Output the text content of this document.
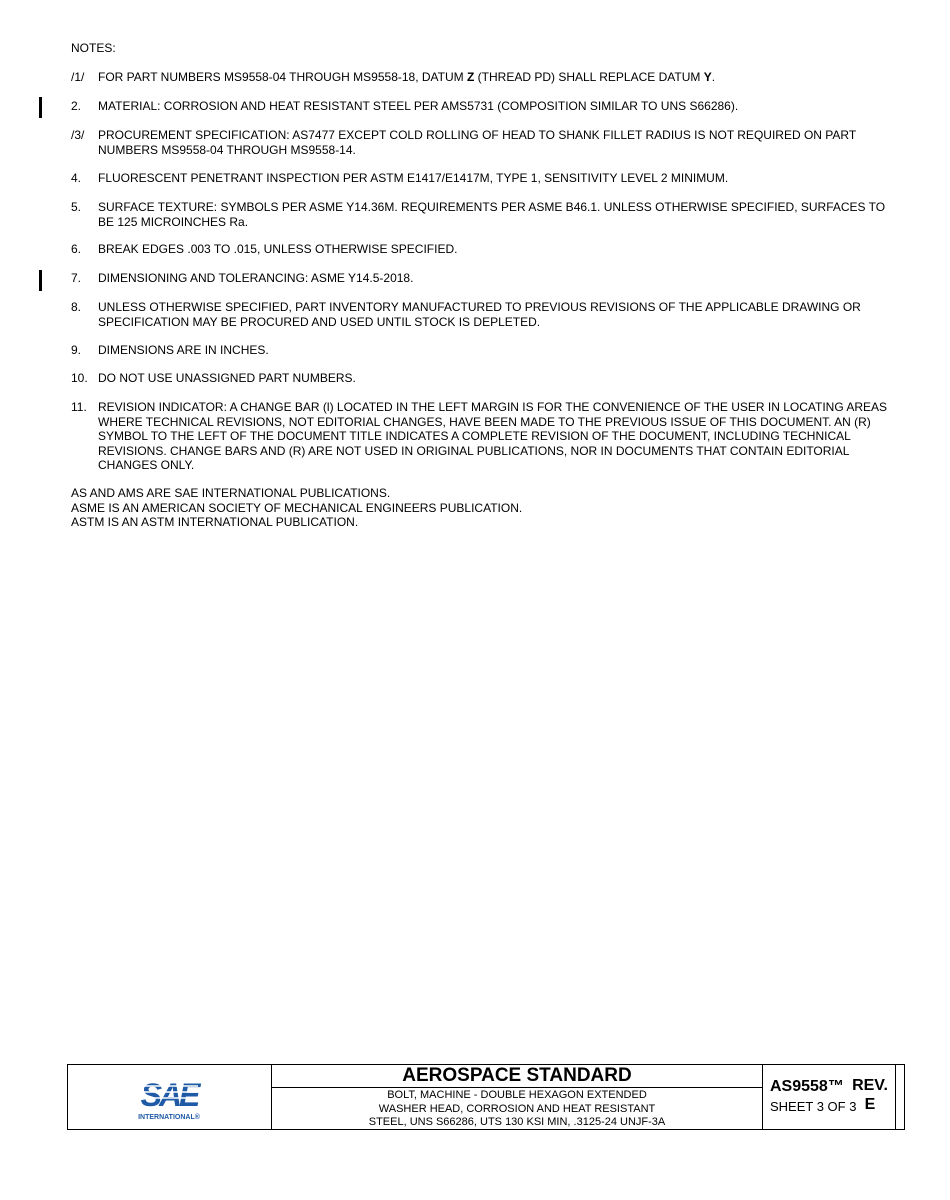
NOTES:
/1/	FOR PART NUMBERS MS9558-04 THROUGH MS9558-18, DATUM Z (THREAD PD) SHALL REPLACE DATUM Y.
2.	MATERIAL: CORROSION AND HEAT RESISTANT STEEL PER AMS5731 (COMPOSITION SIMILAR TO UNS S66286).
/3/	PROCUREMENT SPECIFICATION: AS7477 EXCEPT COLD ROLLING OF HEAD TO SHANK FILLET RADIUS IS NOT REQUIRED ON PART NUMBERS MS9558-04 THROUGH MS9558-14.
4.	FLUORESCENT PENETRANT INSPECTION PER ASTM E1417/E1417M, TYPE 1, SENSITIVITY LEVEL 2 MINIMUM.
5.	SURFACE TEXTURE: SYMBOLS PER ASME Y14.36M. REQUIREMENTS PER ASME B46.1. UNLESS OTHERWISE SPECIFIED, SURFACES TO BE 125 MICROINCHES Ra.
6.	BREAK EDGES .003 TO .015, UNLESS OTHERWISE SPECIFIED.
7.	DIMENSIONING AND TOLERANCING: ASME Y14.5-2018.
8.	UNLESS OTHERWISE SPECIFIED, PART INVENTORY MANUFACTURED TO PREVIOUS REVISIONS OF THE APPLICABLE DRAWING OR SPECIFICATION MAY BE PROCURED AND USED UNTIL STOCK IS DEPLETED.
9.	DIMENSIONS ARE IN INCHES.
10. DO NOT USE UNASSIGNED PART NUMBERS.
11. REVISION INDICATOR: A CHANGE BAR (l) LOCATED IN THE LEFT MARGIN IS FOR THE CONVENIENCE OF THE USER IN LOCATING AREAS WHERE TECHNICAL REVISIONS, NOT EDITORIAL CHANGES, HAVE BEEN MADE TO THE PREVIOUS ISSUE OF THIS DOCUMENT. AN (R) SYMBOL TO THE LEFT OF THE DOCUMENT TITLE INDICATES A COMPLETE REVISION OF THE DOCUMENT, INCLUDING TECHNICAL REVISIONS. CHANGE BARS AND (R) ARE NOT USED IN ORIGINAL PUBLICATIONS, NOR IN DOCUMENTS THAT CONTAIN EDITORIAL CHANGES ONLY.
AS AND AMS ARE SAE INTERNATIONAL PUBLICATIONS.
ASME IS AN AMERICAN SOCIETY OF MECHANICAL ENGINEERS PUBLICATION.
ASTM IS AN ASTM INTERNATIONAL PUBLICATION.
SAE
INTERNATIONAL®
AEROSPACE STANDARD
BOLT, MACHINE - DOUBLE HEXAGON EXTENDED
WASHER HEAD, CORROSION AND HEAT RESISTANT
STEEL, UNS S66286, UTS 130 KSI MIN, .3125-24 UNJF-3A
AS9558™
SHEET 3 OF 3
REV.
E
